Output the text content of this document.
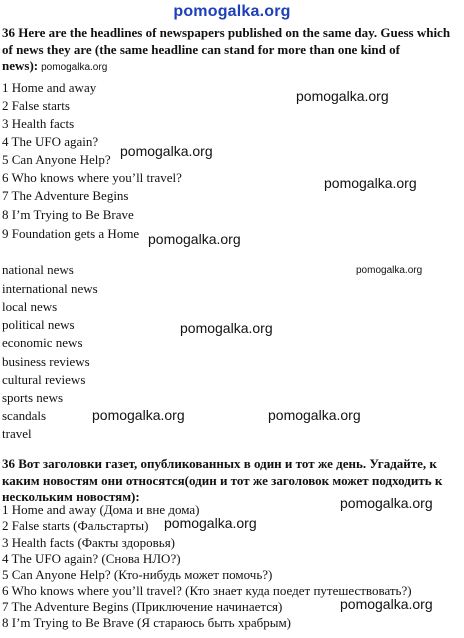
pomogalka.org
36 Here are the headlines of newspapers published on the same day. Guess which of news they are (the same headline can stand for more than one kind of news): pomogalka.org
1 Home and away
2 False starts
3 Health facts
4 The UFO again?
5 Can Anyone Help?
6 Who knows where you’ll travel?
7 The Adventure Begins
8 I’m Trying to Be Brave
9 Foundation gets a Home
national news
international news
local news
political news
economic news
business reviews
cultural reviews
sports news
scandals
travel
36 Вот заголовки газет, опубликованных в один и тот же день. Угадайте, к каким новостям они относятся(один и тот же заголовок может подходить к нескольким новостям):
1 Home and away (Дома и вне дома)
2 False starts (Фальстарты)
3 Health facts (Факты здоровья)
4 The UFO again? (Снова НЛО?)
5 Can Anyone Help? (Кто-нибудь может помочь?)
6 Who knows where you’ll travel? (Кто знает куда поедет путешествовать?)
7 The Adventure Begins (Приключение начинается)
8 I’m Trying to Be Brave (Я стараюсь быть храбрым)
pomogalka.org
pomogalka.org
pomogalka.org
pomogalka.org
pomogalka.org
pomogalka.org
pomogalka.org	pomogalka.org
pomogalka.org
pomogalka.org
pomogalka.org
